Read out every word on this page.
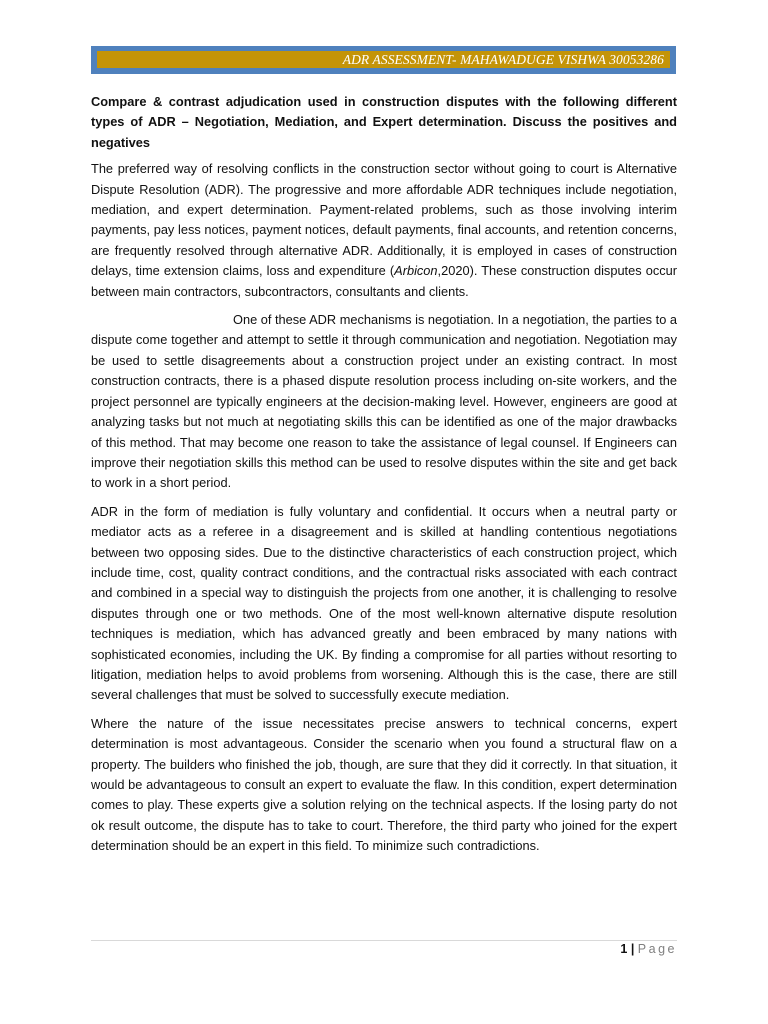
ADR ASSESSMENT- MAHAWADUGE VISHWA 30053286

Compare & contrast adjudication used in construction disputes with the following different types of ADR – Negotiation, Mediation, and Expert determination. Discuss the positives and negatives

The preferred way of resolving conflicts in the construction sector without going to court is Alternative Dispute Resolution (ADR). The progressive and more affordable ADR techniques include negotiation, mediation, and expert determination. Payment-related problems, such as those involving interim payments, pay less notices, payment notices, default payments, final accounts, and retention concerns, are frequently resolved through alternative ADR. Additionally, it is employed in cases of construction delays, time extension claims, loss and expenditure (Arbicon,2020). These construction disputes occur between main contractors, subcontractors, consultants and clients.

One of these ADR mechanisms is negotiation. In a negotiation, the parties to a dispute come together and attempt to settle it through communication and negotiation. Negotiation may be used to settle disagreements about a construction project under an existing contract. In most construction contracts, there is a phased dispute resolution process including on-site workers, and the project personnel are typically engineers at the decision-making level. However, engineers are good at analyzing tasks but not much at negotiating skills this can be identified as one of the major drawbacks of this method. That may become one reason to take the assistance of legal counsel. If Engineers can improve their negotiation skills this method can be used to resolve disputes within the site and get back to work in a short period.

ADR in the form of mediation is fully voluntary and confidential. It occurs when a neutral party or mediator acts as a referee in a disagreement and is skilled at handling contentious negotiations between two opposing sides. Due to the distinctive characteristics of each construction project, which include time, cost, quality contract conditions, and the contractual risks associated with each contract and combined in a special way to distinguish the projects from one another, it is challenging to resolve disputes through one or two methods. One of the most well-known alternative dispute resolution techniques is mediation, which has advanced greatly and been embraced by many nations with sophisticated economies, including the UK. By finding a compromise for all parties without resorting to litigation, mediation helps to avoid problems from worsening. Although this is the case, there are still several challenges that must be solved to successfully execute mediation.

Where the nature of the issue necessitates precise answers to technical concerns, expert determination is most advantageous. Consider the scenario when you found a structural flaw on a property. The builders who finished the job, though, are sure that they did it correctly. In that situation, it would be advantageous to consult an expert to evaluate the flaw. In this condition, expert determination comes to play. These experts give a solution relying on the technical aspects. If the losing party do not ok result outcome, the dispute has to take to court. Therefore, the third party who joined for the expert determination should be an expert in this field. To minimize such contradictions.

1 | Page
